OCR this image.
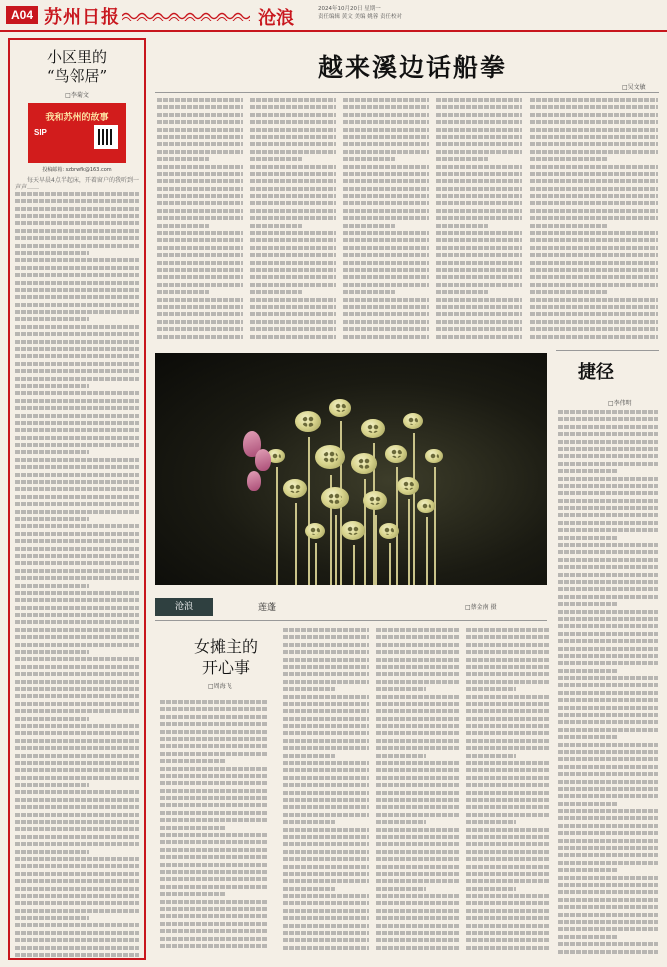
A04 苏州日报	沧浪	2024年10月20日 星期一
责任编辑 黄文 美编 姚蓉 责任校对
小区里的
“鸟邻居”
□李菊文
我和苏州的故事
SIP
投稿邮箱: szbrwfk@163.com

每天早晨4点半起床，开着窗户的我听到一声声……

越来溪边话船拳
□吴文敏
捷径
□李伟明
沧浪	莲蓬	□蔡金南 摄
女摊主的
开心事
□周海飞
